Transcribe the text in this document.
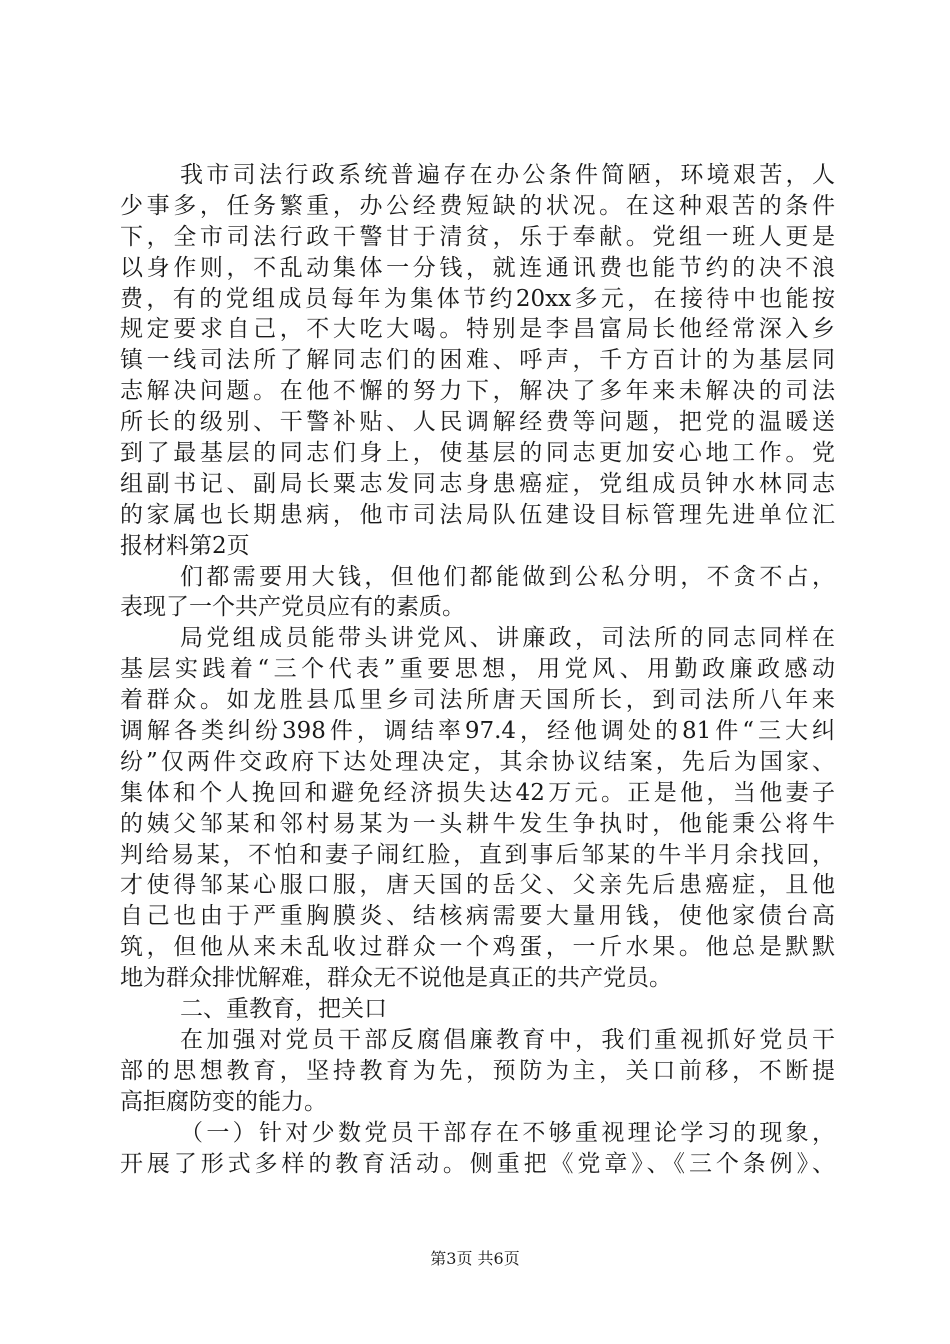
我市司法行政系统普遍存在办公条件简陋，环境艰苦，人
少事多，任务繁重，办公经费短缺的状况。在这种艰苦的条件
下，全市司法行政干警甘于清贫，乐于奉献。党组一班人更是
以身作则，不乱动集体一分钱，就连通讯费也能节约的决不浪
费，有的党组成员每年为集体节约20xx多元，在接待中也能按
规定要求自己，不大吃大喝。特别是李昌富局长他经常深入乡
镇一线司法所了解同志们的困难、呼声，千方百计的为基层同
志解决问题。在他不懈的努力下，解决了多年来未解决的司法
所长的级别、干警补贴、人民调解经费等问题，把党的温暖送
到了最基层的同志们身上，使基层的同志更加安心地工作。党
组副书记、副局长粟志发同志身患癌症，党组成员钟水林同志
的家属也长期患病，他市司法局队伍建设目标管理先进单位汇
报材料第2页
们都需要用大钱，但他们都能做到公私分明，不贪不占，
表现了一个共产党员应有的素质。
局党组成员能带头讲党风、讲廉政，司法所的同志同样在
基层实践着“三个代表”重要思想，用党风、用勤政廉政感动
着群众。如龙胜县瓜里乡司法所唐天国所长，到司法所八年来
调解各类纠纷398件，调结率97.4，经他调处的81件“三大纠
纷”仅两件交政府下达处理决定，其余协议结案，先后为国家、
集体和个人挽回和避免经济损失达42万元。正是他，当他妻子
的姨父邹某和邻村易某为一头耕牛发生争执时，他能秉公将牛
判给易某，不怕和妻子闹红脸，直到事后邹某的牛半月余找回，
才使得邹某心服口服，唐天国的岳父、父亲先后患癌症，且他
自己也由于严重胸膜炎、结核病需要大量用钱，使他家债台高
筑，但他从来未乱收过群众一个鸡蛋，一斤水果。他总是默默
地为群众排忧解难，群众无不说他是真正的共产党员。
二、重教育，把关口
在加强对党员干部反腐倡廉教育中，我们重视抓好党员干
部的思想教育，坚持教育为先，预防为主，关口前移，不断提
高拒腐防变的能力。
（一）针对少数党员干部存在不够重视理论学习的现象，
开展了形式多样的教育活动。侧重把《党章》、《三个条例》、
第3页 共6页
